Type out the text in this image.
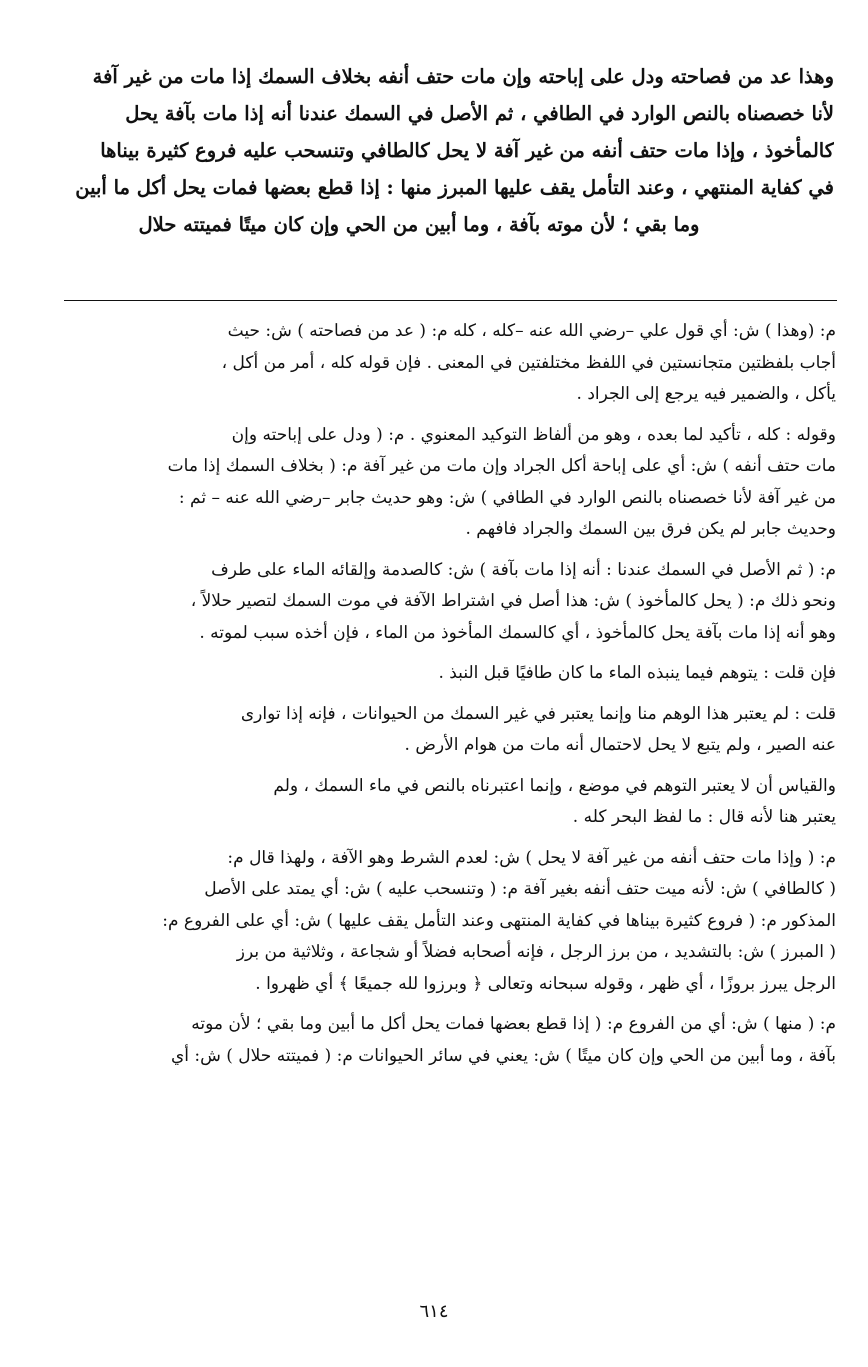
وهذا عد من فصاحته ودل على إباحته وإن مات حتف أنفه بخلاف السمك إذا مات من غير آفة
لأنا خصصناه بالنص الوارد في الطافي ، ثم الأصل في السمك عندنا أنه إذا مات بآفة يحل
كالمأخوذ ، وإذا مات حتف أنفه من غير آفة لا يحل كالطافي وتنسحب عليه فروع كثيرة بيناها
في كفاية المنتهي ، وعند التأمل يقف عليها المبرز منها : إذا قطع بعضها فمات يحل أكل ما أبين
وما بقي ؛ لأن موته بآفة ، وما أبين من الحي وإن كان ميتًا فميتته حلال
م: (وهذا ) ش: أي قول علي –رضي الله عنه –كله ، كله م: ( عد من فصاحته ) ش: حيث
أجاب بلفظتين متجانستين في اللفظ مختلفتين في المعنى . فإن قوله كله ، أمر من أكل ،
يأكل ، والضمير فيه يرجع إلى الجراد .
وقوله : كله ، تأكيد لما بعده ، وهو من ألفاظ التوكيد المعنوي . م: ( ودل على إباحته وإن
مات حتف أنفه ) ش: أي على إباحة أكل الجراد وإن مات من غير آفة م: ( بخلاف السمك إذا مات
من غير آفة لأنا خصصناه بالنص الوارد في الطافي ) ش: وهو حديث جابر –رضي الله عنه – ثم :
وحديث جابر لم يكن فرق بين السمك والجراد فافهم .
م: ( ثم الأصل في السمك عندنا : أنه إذا مات بآفة ) ش: كالصدمة وإلقائه الماء على طرف
ونحو ذلك م: ( يحل كالمأخوذ ) ش: هذا أصل في اشتراط الآفة في موت السمك لتصير حلالاً ،
وهو أنه إذا مات بآفة يحل كالمأخوذ ، أي كالسمك المأخوذ من الماء ، فإن أخذه سبب لموته .
فإن قلت : يتوهم فيما ينبذه الماء ما كان طافيًا قبل النبذ .
قلت : لم يعتبر هذا الوهم منا وإنما يعتبر في غير السمك من الحيوانات ، فإنه إذا توارى
عنه الصير ، ولم يتبع لا يحل لاحتمال أنه مات من هوام الأرض .
والقياس أن لا يعتبر التوهم في موضع ، وإنما اعتبرناه بالنص في ماء السمك ، ولم
يعتبر هنا لأنه قال : ما لفظ البحر كله .
م: ( وإذا مات حتف أنفه من غير آفة لا يحل ) ش: لعدم الشرط وهو الآفة ، ولهذا قال م:
( كالطافي ) ش: لأنه ميت حتف أنفه بغير آفة م: ( وتنسحب عليه ) ش: أي يمتد على الأصل
المذكور م: ( فروع كثيرة بيناها في كفاية المنتهى وعند التأمل يقف عليها ) ش: أي على الفروع م:
( المبرز ) ش: بالتشديد ، من برز الرجل ، فإنه أصحابه فضلاً أو شجاعة ، وثلاثية من برز
الرجل يبرز بروزًا ، أي ظهر ، وقوله سبحانه وتعالى ﴿ وبرزوا لله جميعًا ﴾ أي ظهروا .
م: ( منها ) ش: أي من الفروع م: ( إذا قطع بعضها فمات يحل أكل ما أبين وما بقي ؛ لأن موته
بآفة ، وما أبين من الحي وإن كان ميتًا ) ش: يعني في سائر الحيوانات م: ( فميتته حلال ) ش: أي
٦١٤
